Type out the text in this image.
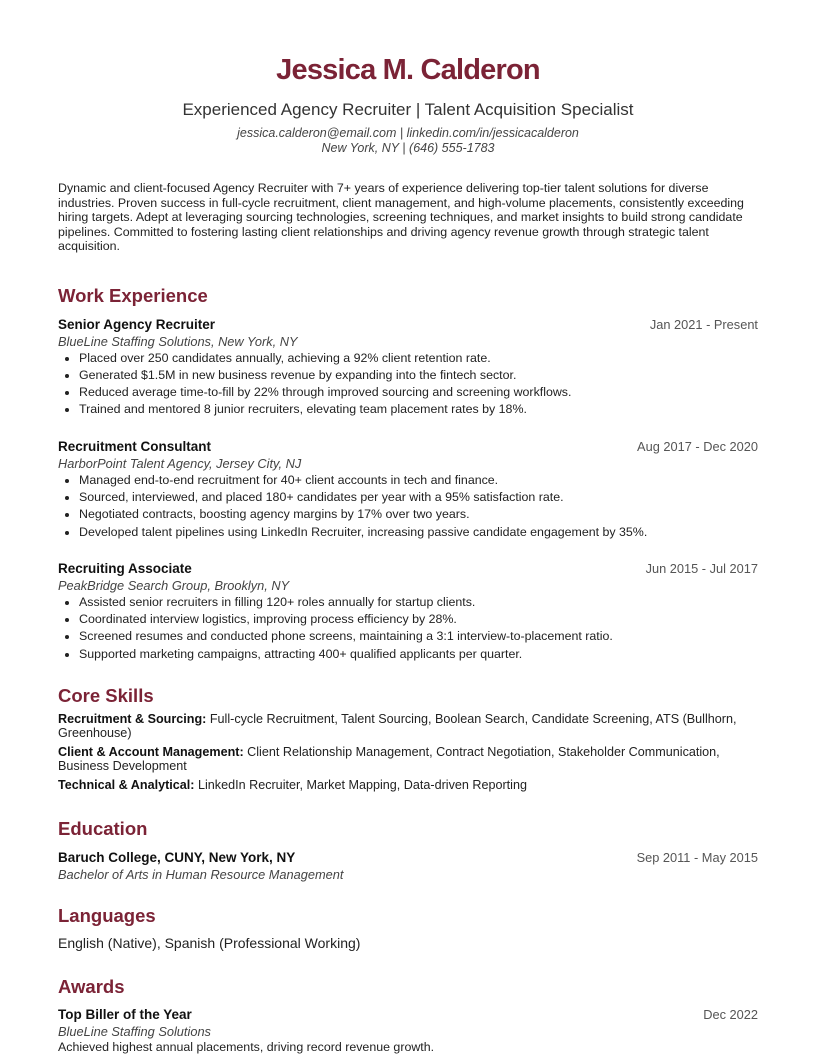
Jessica M. Calderon
Experienced Agency Recruiter | Talent Acquisition Specialist
jessica.calderon@email.com | linkedin.com/in/jessicacalderon
New York, NY | (646) 555-1783
Dynamic and client-focused Agency Recruiter with 7+ years of experience delivering top-tier talent solutions for diverse industries. Proven success in full-cycle recruitment, client management, and high-volume placements, consistently exceeding hiring targets. Adept at leveraging sourcing technologies, screening techniques, and market insights to build strong candidate pipelines. Committed to fostering lasting client relationships and driving agency revenue growth through strategic talent acquisition.
Work Experience
Senior Agency Recruiter	Jan 2021 - Present
BlueLine Staffing Solutions, New York, NY
• Placed over 250 candidates annually, achieving a 92% client retention rate.
• Generated $1.5M in new business revenue by expanding into the fintech sector.
• Reduced average time-to-fill by 22% through improved sourcing and screening workflows.
• Trained and mentored 8 junior recruiters, elevating team placement rates by 18%.
Recruitment Consultant	Aug 2017 - Dec 2020
HarborPoint Talent Agency, Jersey City, NJ
• Managed end-to-end recruitment for 40+ client accounts in tech and finance.
• Sourced, interviewed, and placed 180+ candidates per year with a 95% satisfaction rate.
• Negotiated contracts, boosting agency margins by 17% over two years.
• Developed talent pipelines using LinkedIn Recruiter, increasing passive candidate engagement by 35%.
Recruiting Associate	Jun 2015 - Jul 2017
PeakBridge Search Group, Brooklyn, NY
• Assisted senior recruiters in filling 120+ roles annually for startup clients.
• Coordinated interview logistics, improving process efficiency by 28%.
• Screened resumes and conducted phone screens, maintaining a 3:1 interview-to-placement ratio.
• Supported marketing campaigns, attracting 400+ qualified applicants per quarter.
Core Skills
Recruitment & Sourcing: Full-cycle Recruitment, Talent Sourcing, Boolean Search, Candidate Screening, ATS (Bullhorn, Greenhouse)
Client & Account Management: Client Relationship Management, Contract Negotiation, Stakeholder Communication, Business Development
Technical & Analytical: LinkedIn Recruiter, Market Mapping, Data-driven Reporting
Education
Baruch College, CUNY, New York, NY	Sep 2011 - May 2015
Bachelor of Arts in Human Resource Management
Languages
English (Native), Spanish (Professional Working)
Awards
Top Biller of the Year	Dec 2022
BlueLine Staffing Solutions
Achieved highest annual placements, driving record revenue growth.
